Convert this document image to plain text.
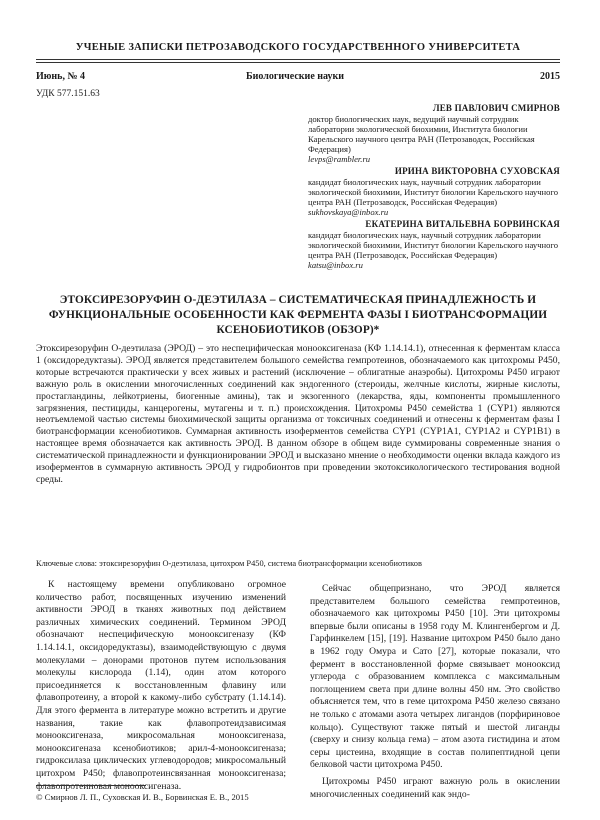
УЧЕНЫЕ ЗАПИСКИ ПЕТРОЗАВОДСКОГО ГОСУДАРСТВЕННОГО УНИВЕРСИТЕТА
Июнь, № 4	Биологические науки	2015
УДК 577.151.63
ЛЕВ ПАВЛОВИЧ СМИРНОВ
доктор биологических наук, ведущий научный сотрудник лаборатории экологической биохимии, Института биологии Карельского научного центра РАН (Петрозаводск, Российская Федерация)
levps@rambler.ru
ИРИНА ВИКТОРОВНА СУХОВСКАЯ
кандидат биологических наук, научный сотрудник лаборатории экологической биохимии, Институт биологии Карельского научного центра РАН (Петрозаводск, Российская Федерация)
sukhovskaya@inbox.ru
ЕКАТЕРИНА ВИТАЛЬЕВНА БОРВИНСКАЯ
кандидат биологических наук, научный сотрудник лаборатории экологической биохимии, Институт биологии Карельского научного центра РАН (Петрозаводск, Российская Федерация)
katsu@inbox.ru
ЭТОКСИРЕЗОРУФИН О-ДЕЭТИЛАЗА – СИСТЕМАТИЧЕСКАЯ ПРИНАДЛЕЖНОСТЬ И ФУНКЦИОНАЛЬНЫЕ ОСОБЕННОСТИ КАК ФЕРМЕНТА ФАЗЫ I БИОТРАНСФОРМАЦИИ КСЕНОБИОТИКОВ (ОБЗОР)*
Этоксирезоруфин О-деэтилаза (ЭРОД) – это неспецифическая монооксигеназа (КФ 1.14.14.1), отнесенная к ферментам класса 1 (оксидоредуктазы). ЭРОД является представителем большого семейства гемпротеинов, обозначаемого как цитохромы P450, которые встречаются практически у всех живых и растений (исключение – облигатные анаэробы). Цитохромы P450 играют важную роль в окислении многочисленных соединений как эндогенного (стероиды, желчные кислоты, жирные кислоты, простагландины, лейкотриены, биогенные амины), так и экзогенного (лекарства, яды, компоненты промышленного загрязнения, пестициды, канцерогены, мутагены и т. п.) происхождения. Цитохромы P450 семейства 1 (CYP1) являются неотъемлемой частью системы биохимической защиты организма от токсичных соединений и отнесены к ферментам фазы I биотрансформации ксенобиотиков. Суммарная активность изоферментов семейства CYP1 (CYP1A1, CYP1A2 и CYP1B1) в настоящее время обозначается как активность ЭРОД. В данном обзоре в общем виде суммированы современные знания о систематической принадлежности и функционировании ЭРОД и высказано мнение о необходимости оценки вклада каждого из изоферментов в суммарную активность ЭРОД у гидробионтов при проведении экотоксикологического тестирования водной среды.
Ключевые слова: этоксирезоруфин О-деэтилаза, цитохром P450, система биотрансформации ксенобиотиков

К настоящему времени опубликовано огромное количество работ, посвященных изучению изменений активности ЭРОД в тканях животных под действием различных химических соединений. Термином ЭРОД обозначают неспецифическую монооксигеназу (КФ 1.14.14.1, оксидоредуктазы), взаимодействующую с двумя молекулами – донорами протонов путем использования молекулы кислорода (1.14), один атом которого присоединяется к восстановленным флавину или флавопротеину, а второй к какому-либо субстрату (1.14.14). Для этого фермента в литературе можно встретить и другие названия, такие как флавопротеидзависимая монооксигеназа, микросомальная монооксигеназа, монооксигеназа ксенобиотиков; арил-4-монооксигеназа; гидроксилаза циклических углеводородов; микросомальный цитохром P450; флавопротеинсвязанная монооксигеназа; флавопротеиновая монооксигеназа.

Сейчас общепризнано, что ЭРОД является представителем большого семейства гемпротеинов, обозначаемого как цитохромы P450 [10]. Эти цитохромы впервые были описаны в 1958 году М. Клингенбергом и Д. Гарфинкелем [15], [19]. Название цитохром P450 было дано в 1962 году Омура и Сато [27], которые показали, что фермент в восстановленной форме связывает монооксид углерода с образованием комплекса с максимальным поглощением света при длине волны 450 нм. Это свойство объясняется тем, что в геме цитохрома P450 железо связано не только с атомами азота четырех лигандов (порфириновое кольцо). Существуют также пятый и шестой лиганды (сверху и снизу кольца гема) – атом азота гистидина и атом серы цистеина, входящие в состав полипептидной цепи белковой части цитохрома P450.

Цитохромы P450 играют важную роль в окислении многочисленных соединений как эндо-

© Смирнов Л. П., Суховская И. В., Борвинская Е. В., 2015
